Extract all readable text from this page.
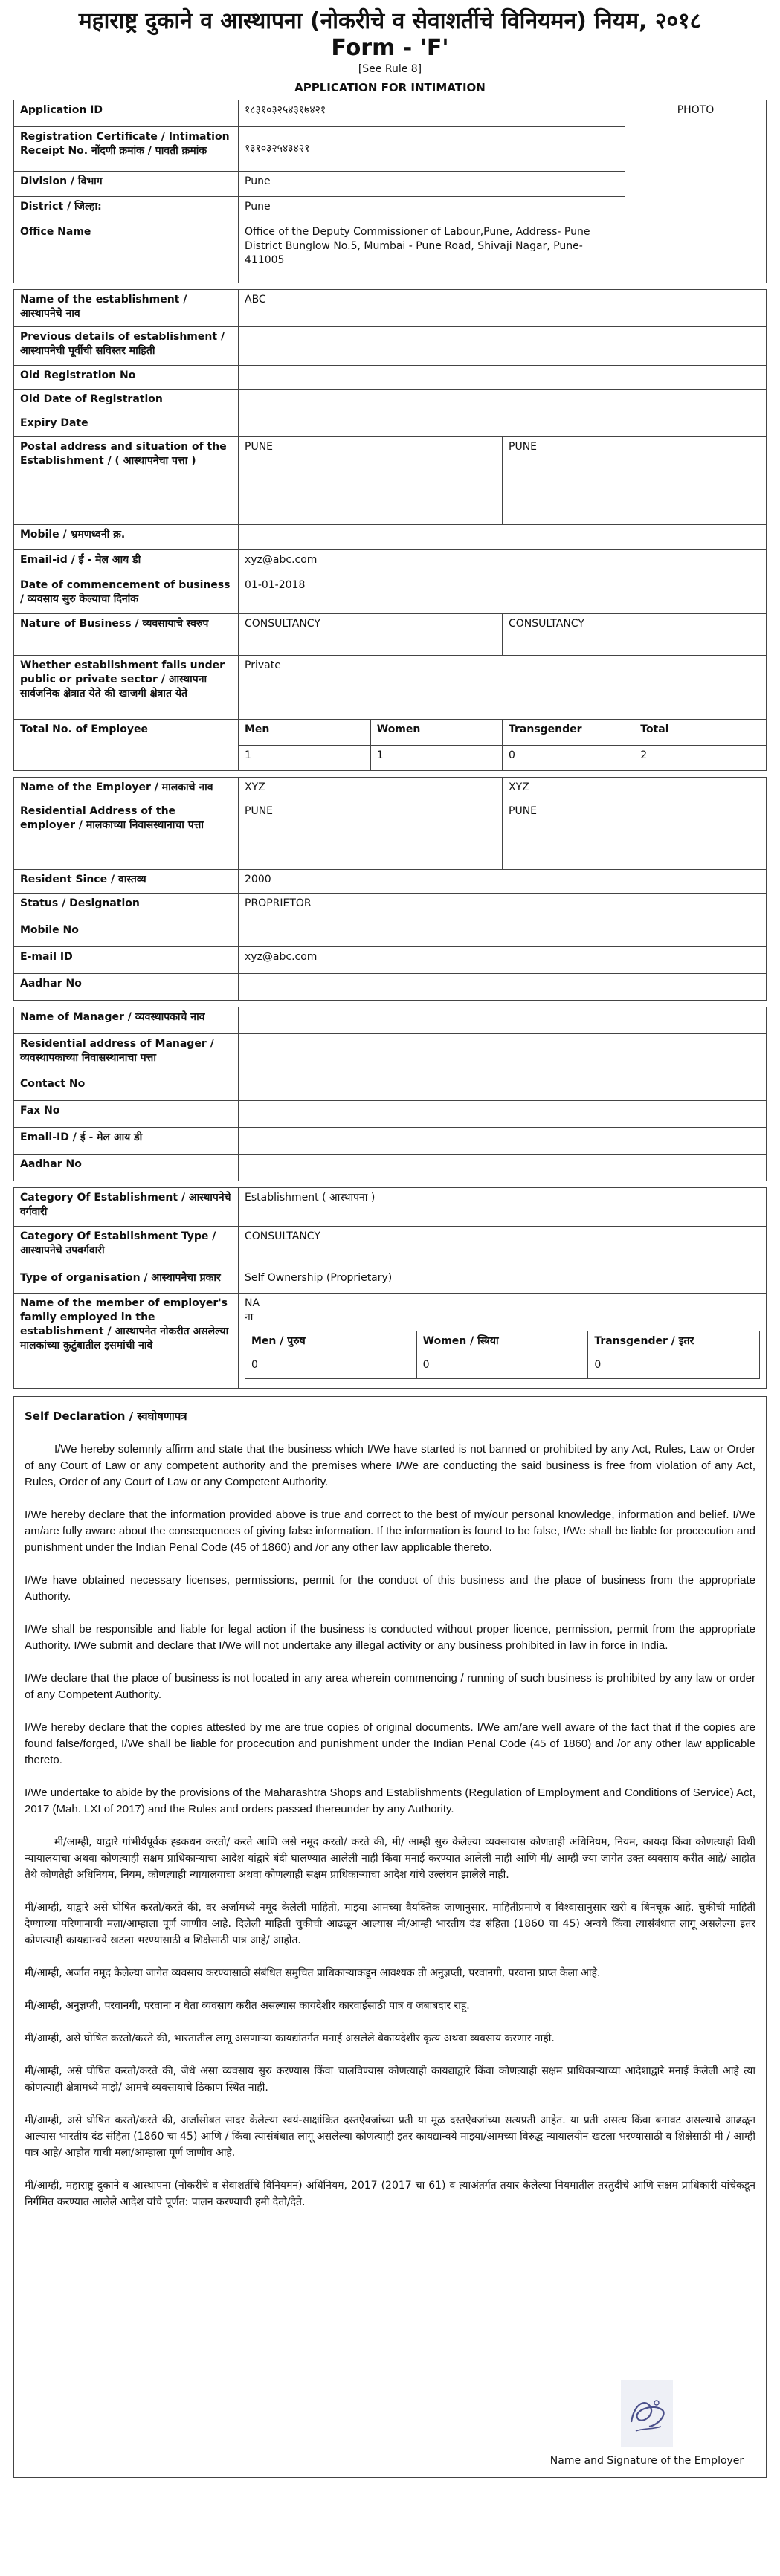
महाराष्ट्र दुकाने व आस्थापना (नोकरीचे व सेवाशर्तीचे विनियमन) नियम, २०१८
Form - 'F'
[See Rule 8]
APPLICATION FOR INTIMATION
Application ID	१८३१०३२५४३१७४२१	PHOTO
Registration Certificate / Intimation Receipt No. नोंदणी क्रमांक / पावती क्रमांक	१३१०३२५४३४२१	
Division / विभाग	Pune	
District / जिल्हा:	Pune	
Office Name	Office of the Deputy Commissioner of Labour,Pune, Address- Pune District Bunglow No.5, Mumbai - Pune Road, Shivaji Nagar, Pune-411005	
Name of the establishment / आस्थापनेचे नाव	ABC
Previous details of establishment / आस्थापनेची पूर्वीची सविस्तर माहिती	
Old Registration No	
Old Date of Registration	
Expiry Date	
Postal address and situation of the Establishment / ( आस्थापनेचा पत्ता )	PUNE	PUNE
Mobile / भ्रमणध्वनी क्र.	
Email-id / ई - मेल आय डी	xyz@abc.com
Date of commencement of business / व्यवसाय सुरु केल्याचा दिनांक	01-01-2018
Nature of Business / व्यवसायाचे स्वरुप	CONSULTANCY	CONSULTANCY
Whether establishment falls under public or private sector / आस्थापना सार्वजनिक क्षेत्रात येते की खाजगी क्षेत्रात येते	Private
Total No. of Employee		Men	Women	Transgender	Total
1	1	0	2
Name of the Employer / मालकाचे नाव	XYZ	XYZ
Residential Address of the employer / मालकाच्या निवासस्थानाचा पत्ता	PUNE	PUNE
Resident Since / वास्तव्य	2000	
Status / Designation	PROPRIETOR	
Mobile No		
E-mail ID	xyz@abc.com	
Aadhar No		
Name of Manager / व्यवस्थापकाचे नाव	
Residential address of Manager / व्यवस्थापकाच्या निवासस्थानाचा पत्ता	
Contact No	
Fax No	
Email-ID / ई - मेल आय डी	
Aadhar No	
Category Of Establishment / आस्थापनेचे वर्गवारी	Establishment ( आस्थापना )
Category Of Establishment Type / आस्थापनेचे उपवर्गवारी	CONSULTANCY
Type of organisation / आस्थापनेचा प्रकार	Self Ownership (Proprietary)
Name of the member of employer's family employed in the establishment / आस्थापनेत नोकरीत असलेल्या मालकांच्या कुटुंबातील इसमांची नावे	
NA
ना
Men / पुरुष	Women / स्त्रिया	Transgender / इतर
0	0	0
Self Declaration / स्वघोषणापत्र

I/We hereby solemnly affirm and state that the business which I/We have started is not banned or prohibited by any Act, Rules, Law or Order of any Court of Law or any competent authority and the premises where I/We are conducting the said business is free from violation of any Act, Rules, Order of any Court of Law or any Competent Authority.

I/We hereby declare that the information provided above is true and correct to the best of my/our personal knowledge, information and belief. I/We am/are fully aware about the consequences of giving false information. If the information is found to be false, I/We shall be liable for procecution and punishment under the Indian Penal Code (45 of 1860) and /or any other law applicable thereto.

I/We have obtained necessary licenses, permissions, permit for the conduct of this business and the place of business from the appropriate Authority.

I/We shall be responsible and liable for legal action if the business is conducted without proper licence, permission, permit from the appropriate Authority. I/We submit and declare that I/We will not undertake any illegal activity or any business prohibited in law in force in India.

I/We declare that the place of business is not located in any area wherein commencing / running of such business is prohibited by any law or order of any Competent Authority.

I/We hereby declare that the copies attested by me are true copies of original documents. I/We am/are well aware of the fact that if the copies are found false/forged, I/We shall be liable for procecution and punishment under the Indian Penal Code (45 of 1860) and /or any other law applicable thereto.

I/We undertake to abide by the provisions of the Maharashtra Shops and Establishments (Regulation of Employment and Conditions of Service) Act, 2017 (Mah. LXI of 2017) and the Rules and orders passed thereunder by any Authority.

मी/आम्ही, याद्वारे गांभीर्यपूर्वक ह्डकथन करतो/ करते आणि असे नमूद करतो/ करते की, मी/ आम्ही सुरु केलेल्या व्यवसायास कोणताही अधिनियम, नियम, कायदा किंवा कोणत्याही विधी न्यायालयाचा अथवा कोणत्याही सक्षम प्राधिकाऱ्याचा आदेश यांद्वारे बंदी घालण्यात आलेली नाही किंवा मनाई करण्यात आलेली नाही आणि मी/ आम्ही ज्या जागेत उक्त व्यवसाय करीत आहे/ आहोत तेथे कोणतेही अधिनियम, नियम, कोणत्याही न्यायालयाचा अथवा कोणत्याही सक्षम प्राधिकाऱ्याचा आदेश यांचे उल्लंघन झालेले नाही.

मी/आम्ही, याद्वारे असे घोषित करतो/करते की, वर अर्जामध्ये नमूद केलेली माहिती, माझ्या आमच्या वैयक्तिक जाणानुसार, माहितीप्रमाणे व विश्वासानुसार खरी व बिनचूक आहे. चुकीची माहिती देण्याच्या परिणामाची मला/आम्हाला पूर्ण जाणीव आहे. दिलेली माहिती चुकीची आढळून आल्यास मी/आम्ही भारतीय दंड संहिता (1860 चा 45) अन्वये किंवा त्यासंबंधात लागू असलेल्या इतर कोणत्याही कायद्यान्वये खटला भरण्यासाठी व शिक्षेसाठी पात्र आहे/ आहोत.

मी/आम्ही, अर्जात नमूद केलेल्या जागेत व्यवसाय करण्यासाठी संबंधित समुचित प्राधिकाऱ्याकडून आवश्यक ती अनुज्ञप्ती, परवानगी, परवाना प्राप्त केला आहे.

मी/आम्ही, अनुज्ञप्ती, परवानगी, परवाना न घेता व्यवसाय करीत असल्यास कायदेशीर कारवाईसाठी पात्र व जबाबदार राहू.

मी/आम्ही, असे घोषित करतो/करते की, भारतातील लागू असणाऱ्या कायद्यांतर्गत मनाई असलेले बेकायदेशीर कृत्य अथवा व्यवसाय करणार नाही.

मी/आम्ही, असे घोषित करतो/करते की, जेथे असा व्यवसाय सुरु करण्यास किंवा चालविण्यास कोणत्याही कायद्याद्वारे किंवा कोणत्याही सक्षम प्राधिकाऱ्याच्या आदेशाद्वारे मनाई केलेली आहे त्या कोणत्याही क्षेत्रामध्ये माझे/ आमचे व्यवसायाचे ठिकाण स्थित नाही.

मी/आम्ही, असे घोषित करतो/करते की, अर्जासोबत सादर केलेल्या स्वयं-साक्षांकित दस्तऐवजांच्या प्रती या मूळ दस्तऐवजांच्या सत्यप्रती आहेत. या प्रती असत्य किंवा बनावट असल्याचे आढळून आल्यास भारतीय दंड संहिता (1860 चा 45) आणि / किंवा त्यासंबंधात लागू असलेल्या कोणत्याही इतर कायद्यान्वये माझ्या/आमच्या विरुद्ध न्यायालयीन खटला भरण्यासाठी व शिक्षेसाठी मी / आम्ही पात्र आहे/ आहोत याची मला/आम्हाला पूर्ण जाणीव आहे.

मी/आम्ही, महाराष्ट्र दुकाने व आस्थापना (नोकरीचे व सेवाशर्तीचे विनियमन) अधिनियम, 2017 (2017 चा 61) व त्याअंतर्गत तयार केलेल्या नियमातील तरतुदींचे आणि सक्षम प्राधिकारी यांचेकडून निर्गमित करण्यात आलेले आदेश यांचे पूर्णत: पालन करण्याची हमी देतो/देते.

Name and Signature of the Employer
